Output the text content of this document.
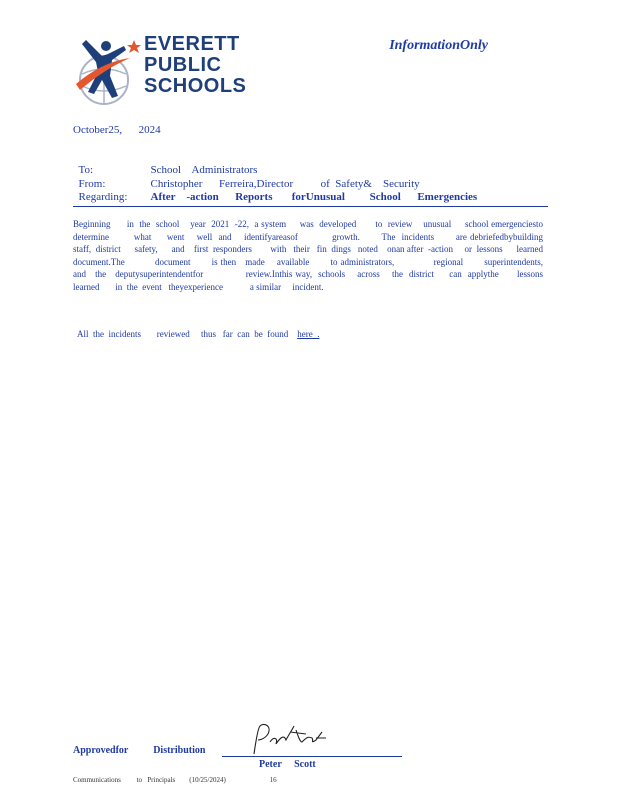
EVERETT
PUBLIC
SCHOOLS
InformationOnly
October25,      2024

To:	School    Administrators

From:	Christopher      Ferreira,Director          of  Safety&    Security

Regarding: After    -action      Reports       forUnusual         School      Emergencies

Beginning      in  the  school    year  2021  -22,  a system     was  developed       to  review    unusual     school emergenciesto        determine        what     went    well  and    identifyareasof           growth.       The  incidents       are debriefedbybuilding              staff,  district      safety,      and    first  responders        with   their   fin  dings   noted    onan after  -action     or  lessons      learned      document.The          document       is then   made    available       to administrators,             regional       superintendents,              and   the   deputysuperintendentfor              review.Inthis way,  schools    across    the  district     can  applythe      lessons     learned       in  the  event   theyexperience            a similar     incident.

All  the  incidents       reviewed     thus   far  can  be  found    here  .

Approvedfor          Distribution
Peter     Scott
Communications         to   Principals        (10/25/2024)                         16
